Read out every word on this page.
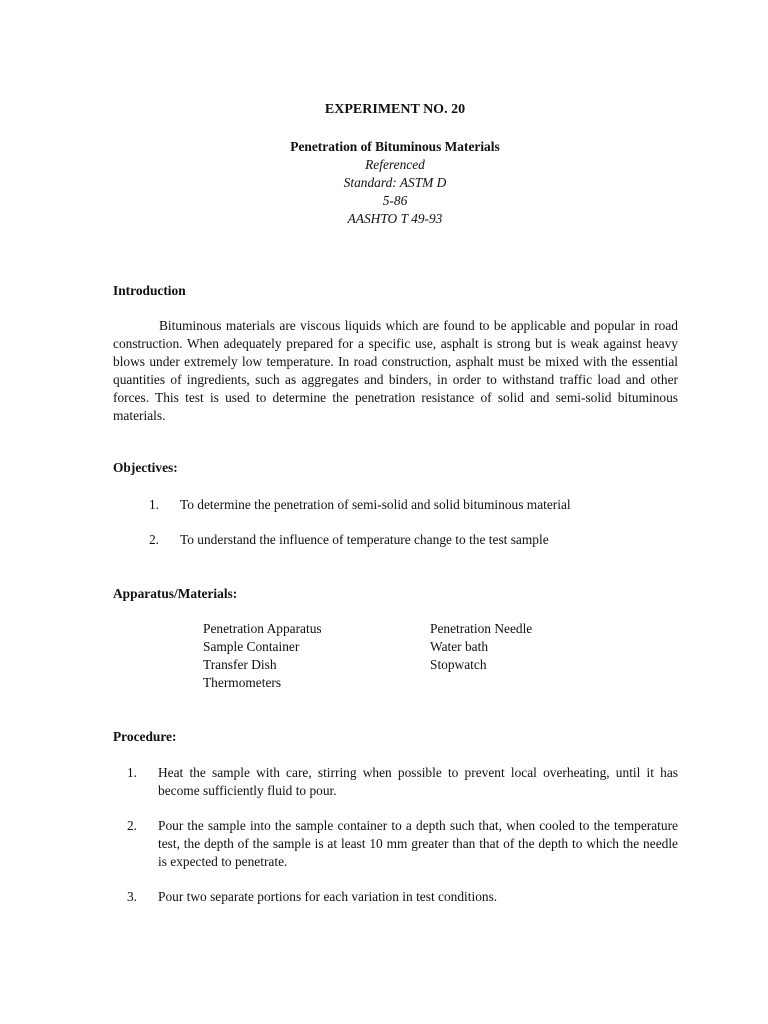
EXPERIMENT NO. 20
Penetration of Bituminous Materials
Referenced
Standard: ASTM D
5-86
AASHTO T 49-93
Introduction
Bituminous materials are viscous liquids which are found to be applicable and popular in road construction. When adequately prepared for a specific use, asphalt is strong but is weak against heavy blows under extremely low temperature. In road construction, asphalt must be mixed with the essential quantities of ingredients, such as aggregates and binders, in order to withstand traffic load and other forces. This test is used to determine the penetration resistance of solid and semi-solid bituminous materials.
Objectives:
1. To determine the penetration of semi-solid and solid bituminous material
2. To understand the influence of temperature change to the test sample
Apparatus/Materials:
Penetration Apparatus	Penetration Needle
Sample Container	Water bath
Transfer Dish	Stopwatch
Thermometers
Procedure:
1. Heat the sample with care, stirring when possible to prevent local overheating, until it has become sufficiently fluid to pour.
2. Pour the sample into the sample container to a depth such that, when cooled to the temperature test, the depth of the sample is at least 10 mm greater than that of the depth to which the needle is expected to penetrate.
3. Pour two separate portions for each variation in test conditions.
